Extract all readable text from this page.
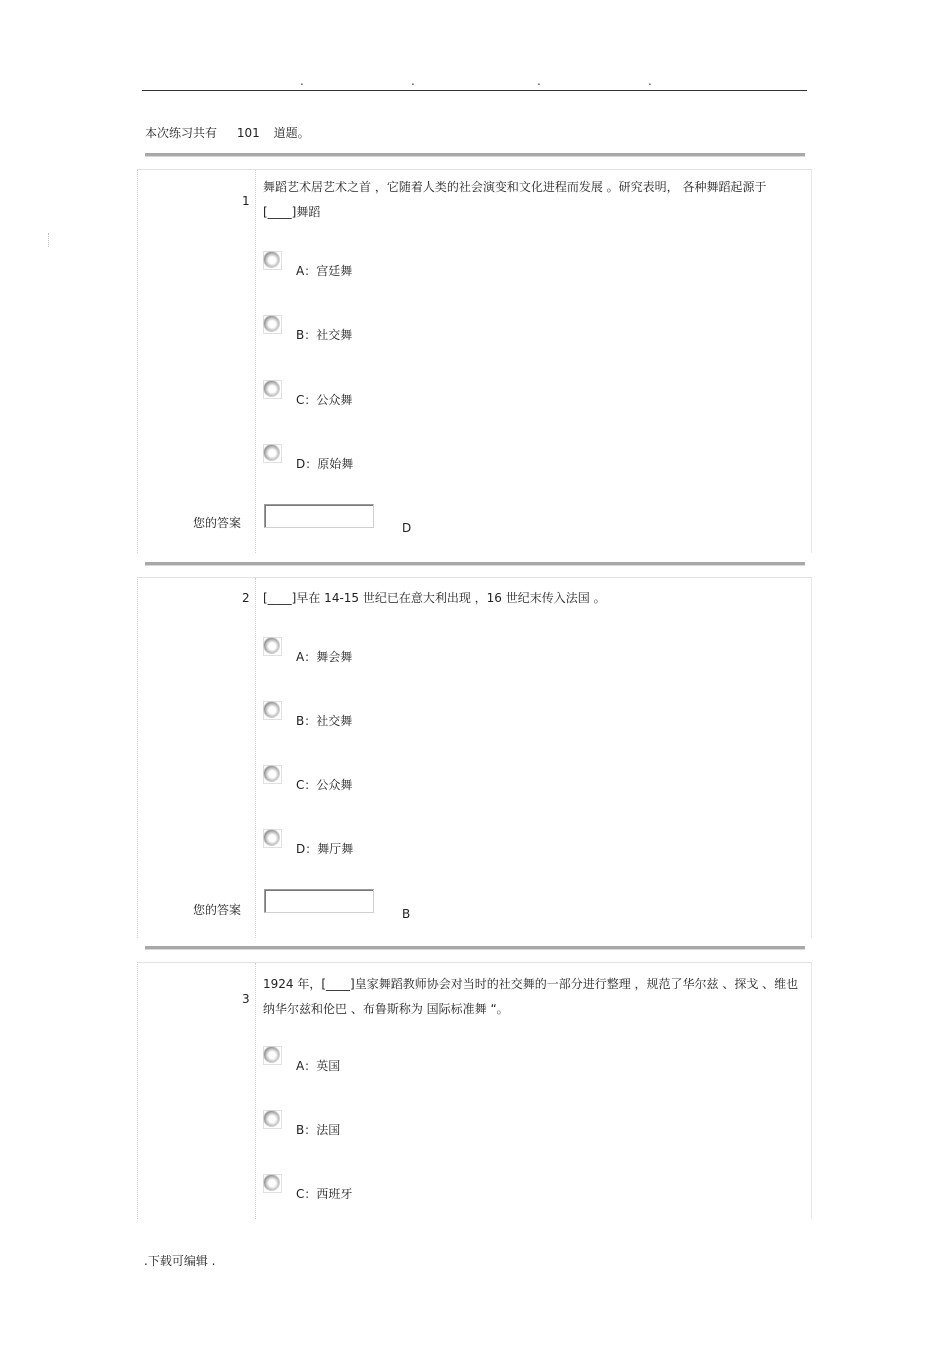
.	.	.	.
本次练习共有 101 道题。
1
舞蹈艺术居艺术之首 ，它随着人类的社会演变和文化进程而发展 。研究表明， 各种舞蹈起源于 [____]舞蹈
A：宫廷舞
B：社交舞
C：公众舞
D：原始舞
您的答案	D
2 [____]早在 14-15 世纪已在意大利出现 ，16 世纪末传入法国 。
A：舞会舞
B：社交舞
C：公众舞
D：舞厅舞
您的答案	B
3
1924 年，[____]皇家舞蹈教师协会对当时的社交舞的一部分进行整理 ，规范了华尔兹 、探戈 、维也纳华尔兹和伦巴 、布鲁斯称为 国际标准舞 “。
A：英国
B：法国
C：西班牙
.下载可编辑 .
